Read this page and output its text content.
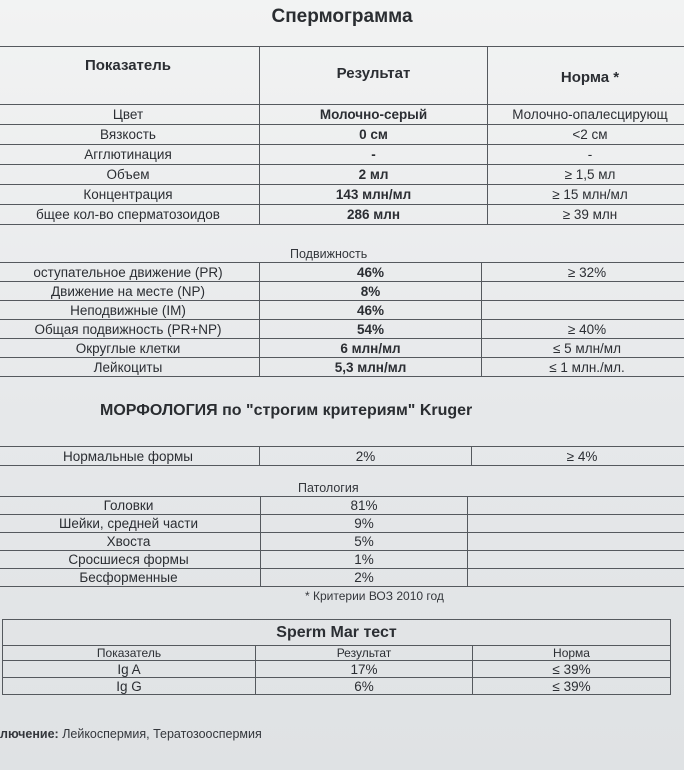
Спермограмма
Показатель	Результат	Норма *
Цвет	Молочно-серый	Молочно-опалесцирующ
Вязкость	0 см	<2 см
Агглютинация	-	-
Объем	2 мл	≥ 1,5 мл
Концентрация	143 млн/мл	≥ 15 млн/мл
бщее кол-во сперматозоидов	286 млн	≥ 39 млн
Подвижность
оступательное движение (PR)	46%	≥ 32%
Движение на месте (NP)	8%	
Неподвижные (IM)	46%	
Общая подвижность (PR+NP)	54%	≥ 40%
Округлые клетки	6 млн/мл	≤ 5 млн/мл
Лейкоциты	5,3 млн/мл	≤ 1 млн./мл.
МОРФОЛОГИЯ по "строгим критериям" Kruger
Нормальные формы	2%	≥ 4%
Патология
Головки	81%	
Шейки, средней части	9%	
Хвоста	5%	
Сросшиеся формы	1%	
Бесформенные	2%	
* Критерии ВОЗ 2010 год
Sperm Mar тест		
Показатель	Результат	Норма
Ig A	17%	≤ 39%
Ig G	6%	≤ 39%
лючение: Лейкоспермия, Тератозооспермия
